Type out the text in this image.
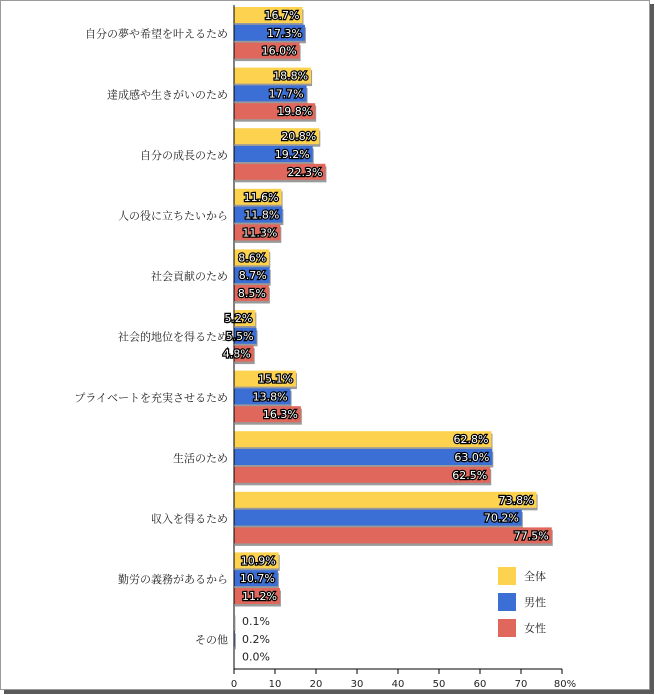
自分の夢や希望を叶えるため
16.7%
17.3%
16.0%
達成感や生きがいのため
18.8%
17.7%
19.8%
自分の成長のため
20.8%
19.2%
22.3%
人の役に立ちたいから
11.6%
11.8%
11.3%
社会貢献のため
8.6%
8.7%
8.5%
社会的地位を得るため
5.2%
5.5%
4.8%
プライベートを充実させるため
15.1%
13.8%
16.3%
生活のため
62.8%
63.0%
62.5%
収入を得るため
73.8%
70.2%
77.5%
勤労の義務があるから
10.9%
10.7%
11.2%
その他
0.1%
0.2%
0.0%
0	10	20	30	40	50	60	70	80%
全体
男性
女性
